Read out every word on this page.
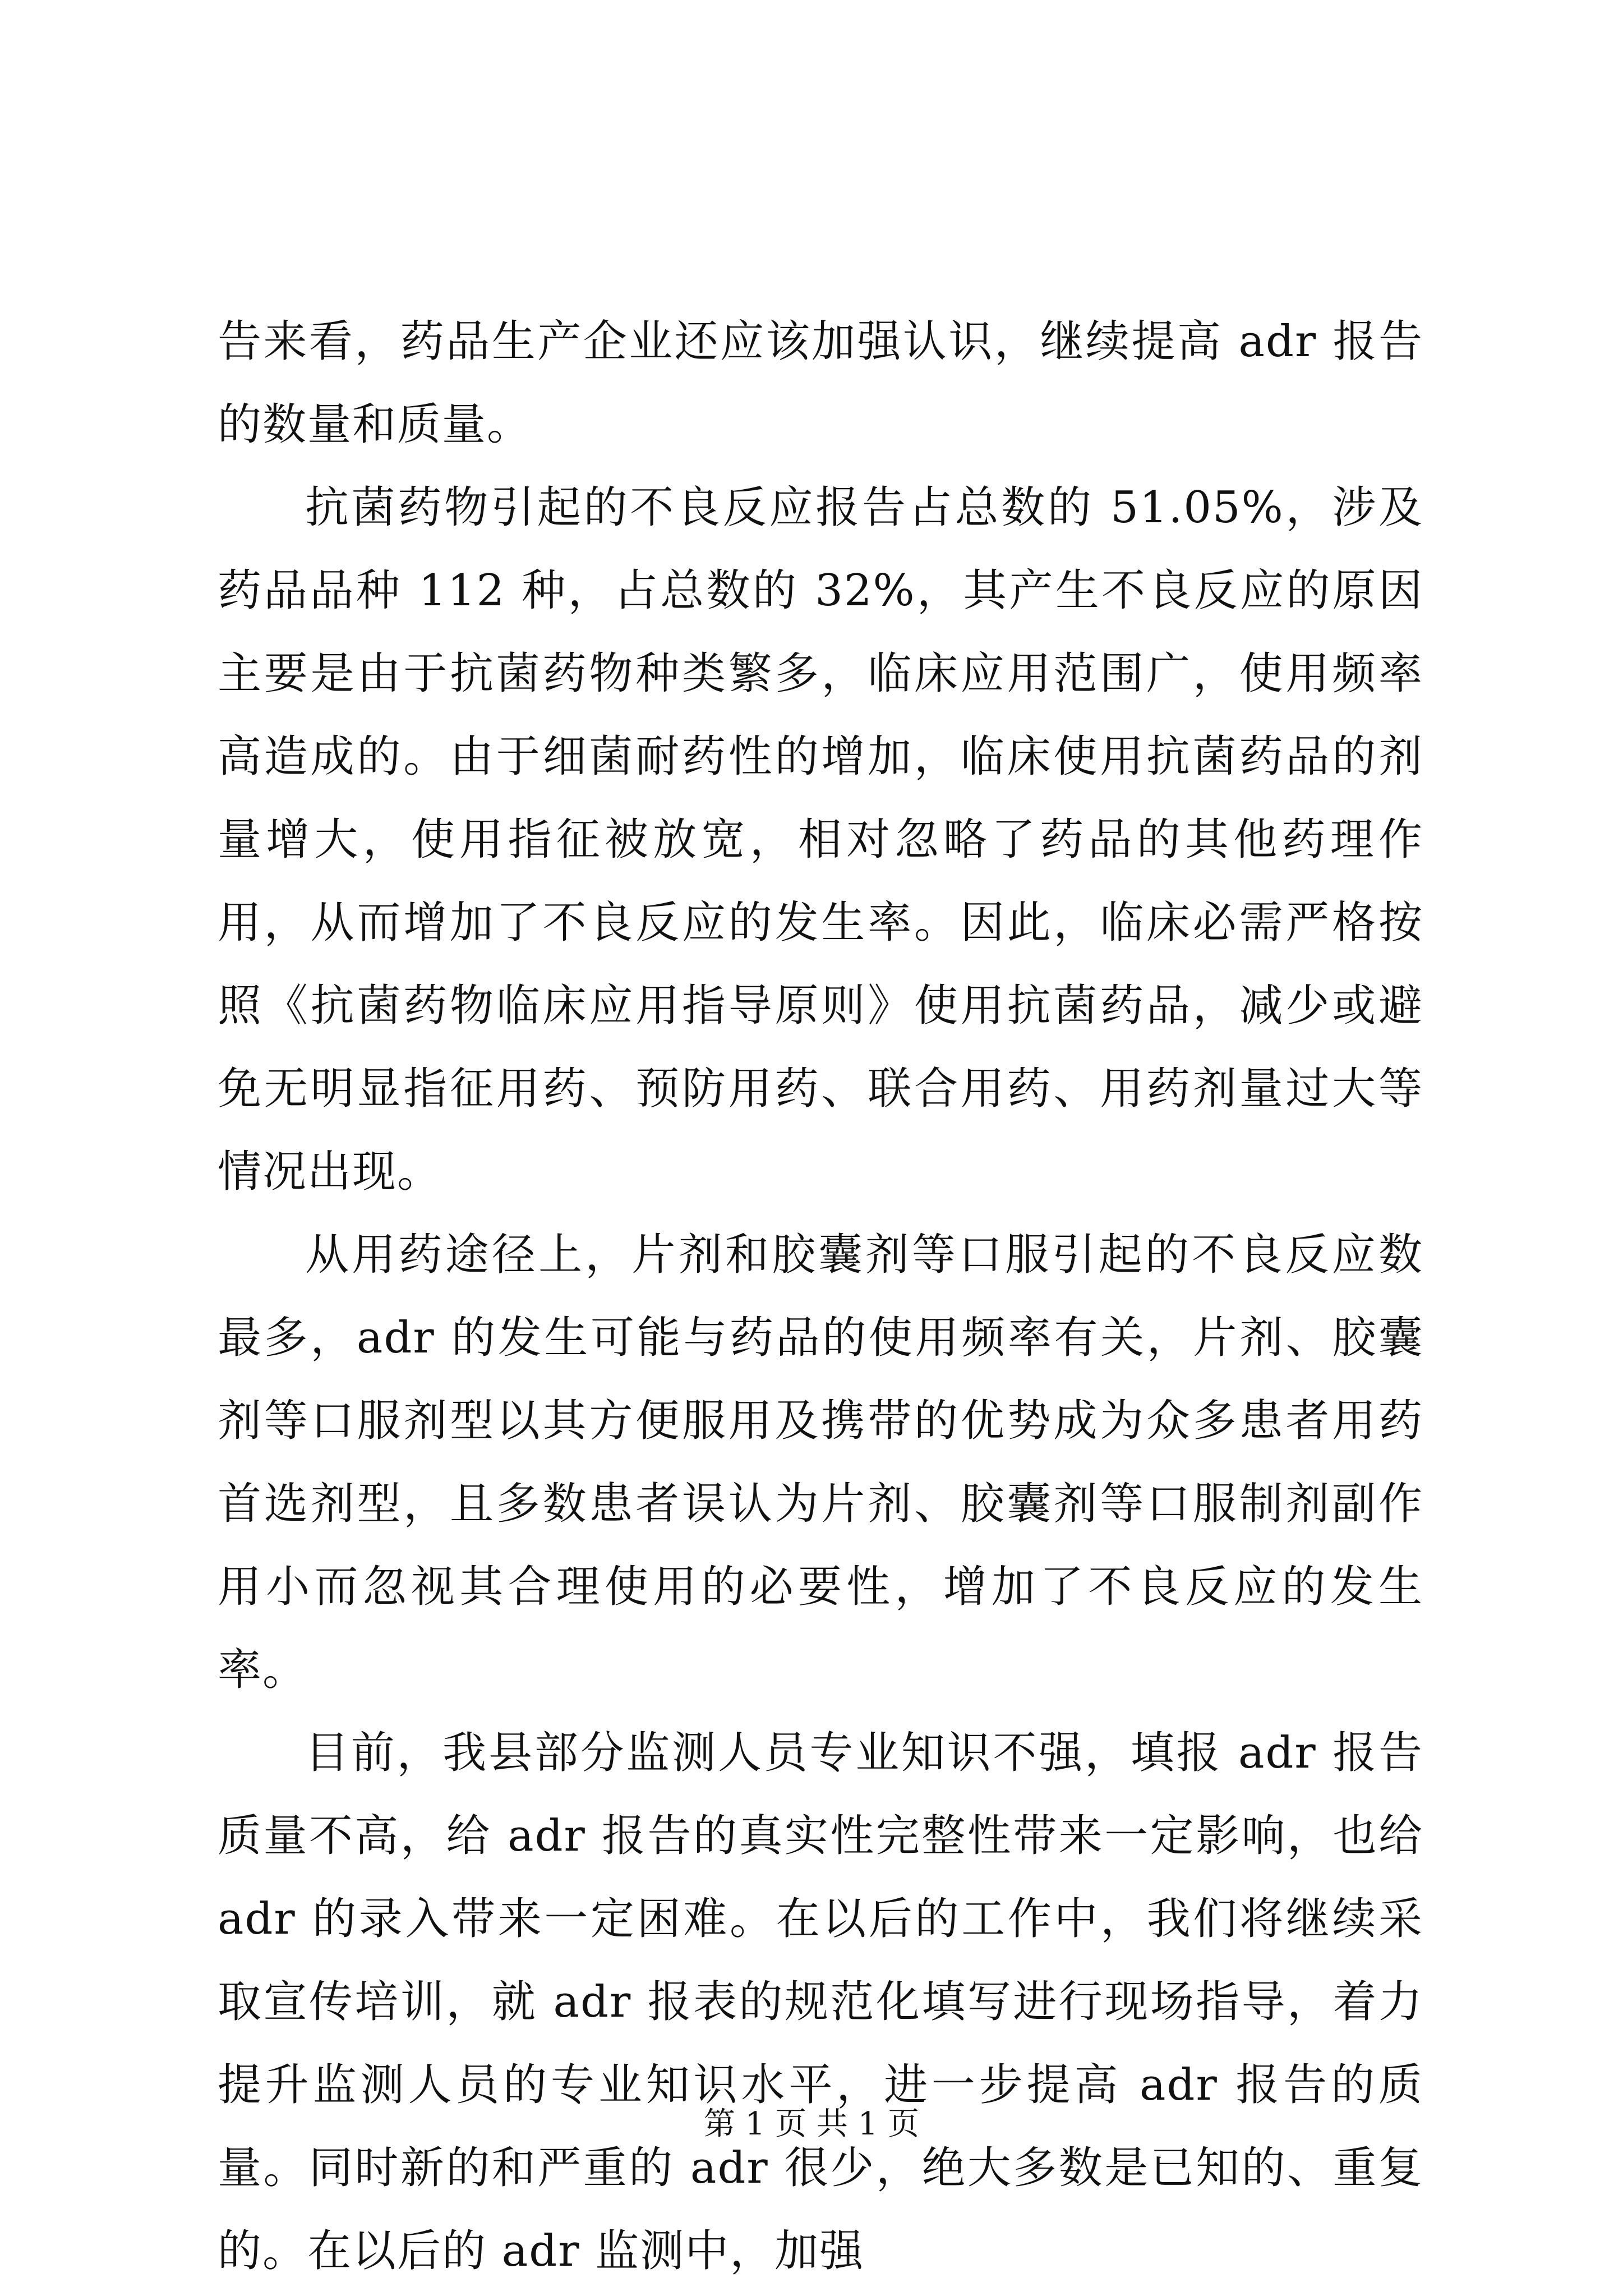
告来看，药品生产企业还应该加强认识，继续提高 adr 报告的数量和质量。

抗菌药物引起的不良反应报告占总数的 51.05%，涉及药品品种 112 种，占总数的 32%，其产生不良反应的原因主要是由于抗菌药物种类繁多，临床应用范围广，使用频率高造成的。由于细菌耐药性的增加，临床使用抗菌药品的剂量增大，使用指征被放宽，相对忽略了药品的其他药理作用，从而增加了不良反应的发生率。因此，临床必需严格按照《抗菌药物临床应用指导原则》使用抗菌药品，减少或避免无明显指征用药、预防用药、联合用药、用药剂量过大等情况出现。

从用药途径上，片剂和胶囊剂等口服引起的不良反应数最多，adr 的发生可能与药品的使用频率有关，片剂、胶囊剂等口服剂型以其方便服用及携带的优势成为众多患者用药首选剂型，且多数患者误认为片剂、胶囊剂等口服制剂副作用小而忽视其合理使用的必要性，增加了不良反应的发生率。

目前，我县部分监测人员专业知识不强，填报 adr 报告质量不高，给 adr 报告的真实性完整性带来一定影响，也给 adr 的录入带来一定困难。在以后的工作中，我们将继续采取宣传培训，就 adr 报表的规范化填写进行现场指导，着力提升监测人员的专业知识水平，进一步提高 adr 报告的质量。同时新的和严重的 adr 很少，绝大多数是已知的、重复的。在以后的 adr 监测中，加强

第 1 页 共 1 页
